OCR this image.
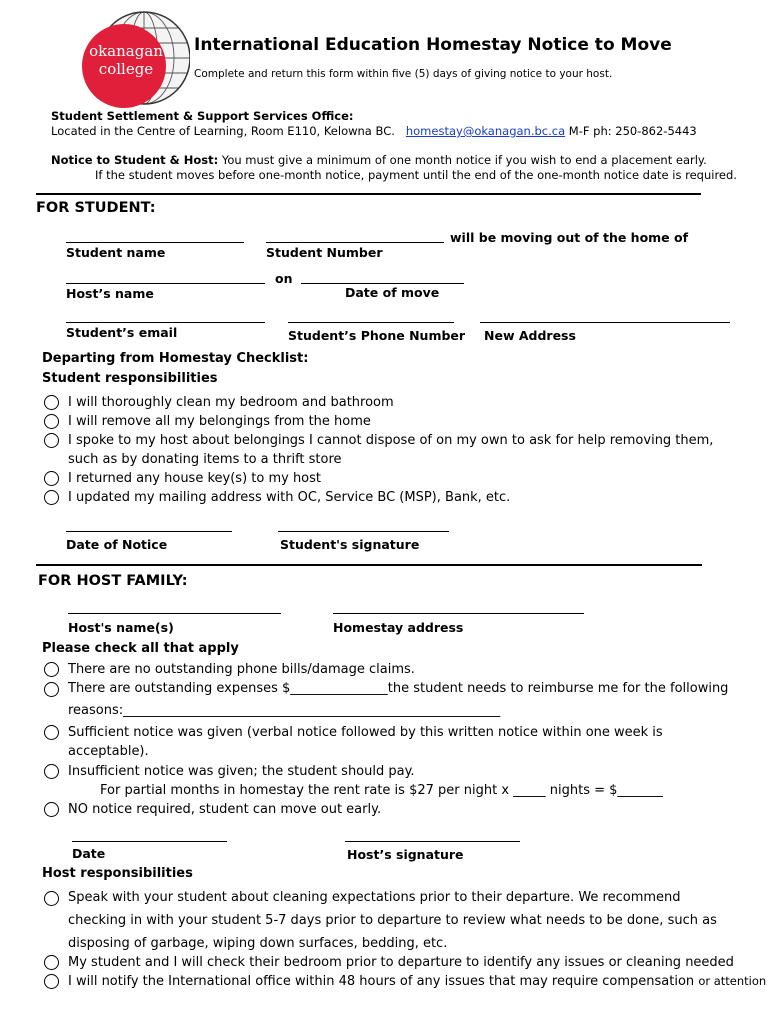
okanagan
college
International Education Homestay Notice to Move
Complete and return this form within five (5) days of giving notice to your host.
Student Settlement & Support Services Office:
Located in the Centre of Learning, Room E110, Kelowna BC. homestay@okanagan.bc.ca M-F ph: 250-862-5443
Notice to Student & Host: You must give a minimum of one month notice if you wish to end a placement early.
If the student moves before one-month notice, payment until the end of the one-month notice date is required.
FOR STUDENT:
will be moving out of the home of
Student name	Student Number
on
Host’s name	Date of move
Student’s email	Student’s Phone Number New Address
Departing from Homestay Checklist:
Student responsibilities
I will thoroughly clean my bedroom and bathroom
I will remove all my belongings from the home
I spoke to my host about belongings I cannot dispose of on my own to ask for help removing them,
such as by donating items to a thrift store
I returned any house key(s) to my host
I updated my mailing address with OC, Service BC (MSP), Bank, etc.
Date of Notice	Student's signature
FOR HOST FAMILY:
Host's name(s)	Homestay address
Please check all that apply
There are no outstanding phone bills/damage claims.
There are outstanding expenses $_______________the student needs to reimburse me for the following
reasons:__________________________________________________________
Sufficient notice was given (verbal notice followed by this written notice within one week is
acceptable).
Insufficient notice was given; the student should pay.
For partial months in homestay the rent rate is $27 per night x _____ nights = $_______
NO notice required, student can move out early.
Date	Host’s signature
Host responsibilities
Speak with your student about cleaning expectations prior to their departure. We recommend
checking in with your student 5-7 days prior to departure to review what needs to be done, such as
disposing of garbage, wiping down surfaces, bedding, etc.
My student and I will check their bedroom prior to departure to identify any issues or cleaning needed
I will notify the International office within 48 hours of any issues that may require compensation or attention
